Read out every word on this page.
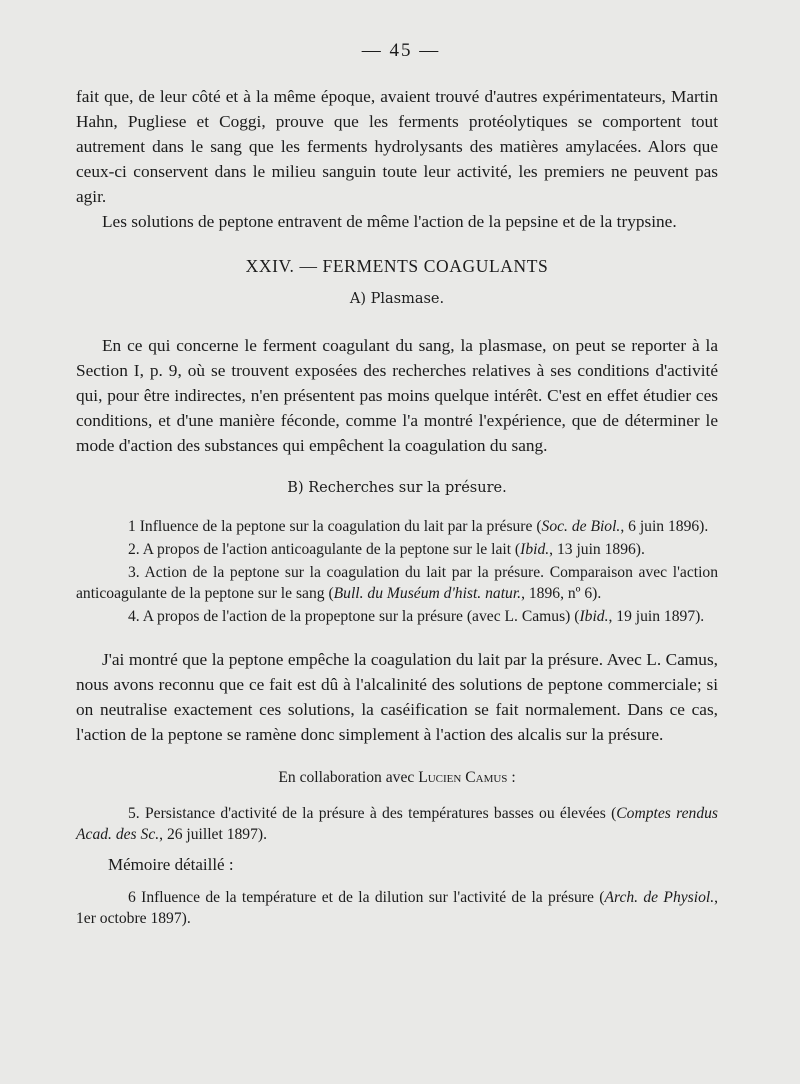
— 45 —

fait que, de leur côté et à la même époque, avaient trouvé d'autres expérimentateurs, Martin Hahn, Pugliese et Coggi, prouve que les ferments protéolytiques se comportent tout autrement dans le sang que les ferments hydrolysants des matières amylacées. Alors que ceux-ci conservent dans le milieu sanguin toute leur activité, les premiers ne peuvent pas agir.

Les solutions de peptone entravent de même l'action de la pepsine et de la trypsine.

XXIV. — FERMENTS COAGULANTS
A) Plasmase.

En ce qui concerne le ferment coagulant du sang, la plasmase, on peut se reporter à la Section I, p. 9, où se trouvent exposées des recherches relatives à ses conditions d'activité qui, pour être indirectes, n'en présentent pas moins quelque intérêt. C'est en effet étudier ces conditions, et d'une manière féconde, comme l'a montré l'expérience, que de déterminer le mode d'action des substances qui empêchent la coagulation du sang.

B) Recherches sur la présure.

1 Influence de la peptone sur la coagulation du lait par la présure (Soc. de Biol., 6 juin 1896).

2. A propos de l'action anticoagulante de la peptone sur le lait (Ibid., 13 juin 1896).

3. Action de la peptone sur la coagulation du lait par la présure. Comparaison avec l'action anticoagulante de la peptone sur le sang (Bull. du Muséum d'hist. natur., 1896, nº 6).

4. A propos de l'action de la propeptone sur la présure (avec L. Camus) (Ibid., 19 juin 1897).

J'ai montré que la peptone empêche la coagulation du lait par la présure. Avec L. Camus, nous avons reconnu que ce fait est dû à l'alcalinité des solutions de peptone commerciale; si on neutralise exactement ces solutions, la caséification se fait normalement. Dans ce cas, l'action de la peptone se ramène donc simplement à l'action des alcalis sur la présure.

En collaboration avec Lucien Camus :

5. Persistance d'activité de la présure à des températures basses ou élevées (Comptes rendus Acad. des Sc., 26 juillet 1897).

Mémoire détaillé :

6 Influence de la température et de la dilution sur l'activité de la présure (Arch. de Physiol., 1er octobre 1897).
